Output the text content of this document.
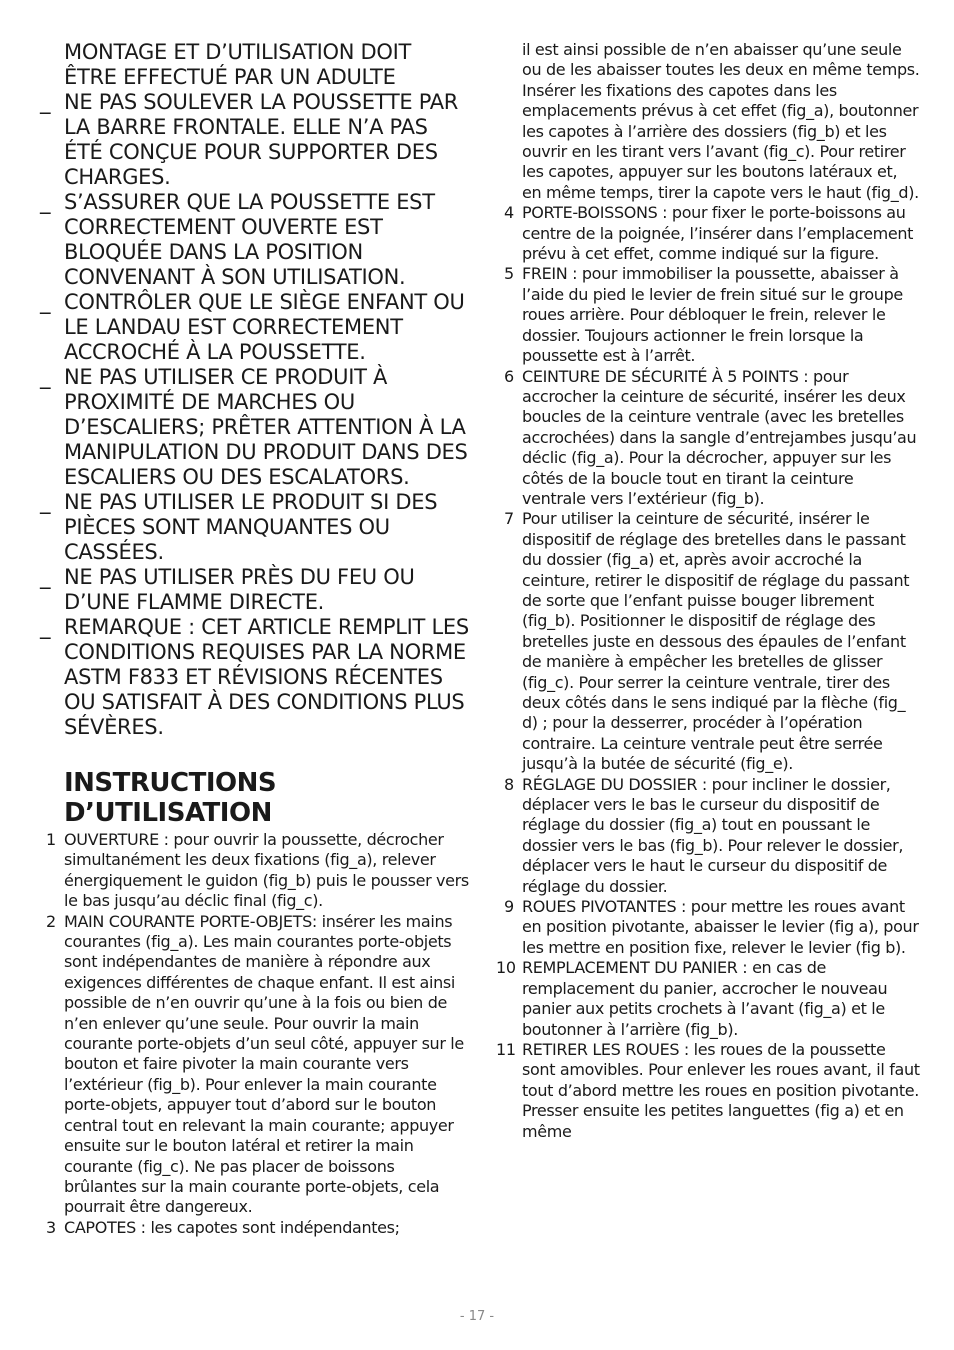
MONTAGE ET D’UTILISATION DOIT ÊTRE EFFECTUÉ PAR UN ADULTE
_ NE PAS SOULEVER LA POUSSETTE PAR LA BARRE FRONTALE. ELLE N’A PAS ÉTÉ CONÇUE POUR SUPPORTER DES CHARGES.
_ S’ASSURER QUE LA POUSSETTE EST CORRECTEMENT OUVERTE EST BLOQUÉE DANS LA POSITION CONVENANT À SON UTILISATION.
_ CONTRÔLER QUE LE SIÈGE ENFANT OU LE LANDAU EST CORRECTEMENT ACCROCHÉ À LA POUSSETTE.
_ NE PAS UTILISER CE PRODUIT À PROXIMITÉ DE MARCHES OU D’ESCALIERS; PRÊTER ATTENTION À LA MANIPULATION DU PRODUIT DANS DES ESCALIERS OU DES ESCALATORS.
_ NE PAS UTILISER LE PRODUIT SI DES PIÈCES SONT MANQUANTES OU CASSÉES.
_ NE PAS UTILISER PRÈS DU FEU OU D’UNE FLAMME DIRECTE.
_ REMARQUE : CET ARTICLE REMPLIT LES CONDITIONS REQUISES PAR LA NORME ASTM F833 ET RÉVISIONS RÉCENTES OU SATISFAIT À DES CONDITIONS PLUS SÉVÈRES.
INSTRUCTIONS D’UTILISATION
1 OUVERTURE : pour ouvrir la poussette, décrocher simultanément les deux fixations (fig_a), relever énergiquement le guidon (fig_b) puis le pousser vers le bas jusqu’au déclic final (fig_c).
2 MAIN COURANTE PORTE-OBJETS: insérer les mains courantes (fig_a). Les main courantes porte-objets sont indépendantes de manière à répondre aux exigences différentes de chaque enfant. Il est ainsi possible de n’en ouvrir qu’une à la fois ou bien de n’en enlever qu’une seule. Pour ouvrir la main courante porte-objets d’un seul côté, appuyer sur le bouton et faire pivoter la main courante vers l’extérieur (fig_b). Pour enlever la main courante porte-objets, appuyer tout d’abord sur le bouton central tout en relevant la main courante; appuyer ensuite sur le bouton latéral et retirer la main courante (fig_c). Ne pas placer de boissons brûlantes sur la main courante porte-objets, cela pourrait être dangereux.
3 CAPOTES : les capotes sont indépendantes;
il est ainsi possible de n’en abaisser qu’une seule ou de les abaisser toutes les deux en même temps. Insérer les fixations des capotes dans les emplacements prévus à cet effet (fig_a), boutonner les capotes à l’arrière des dossiers (fig_b) et les ouvrir en les tirant vers l’avant (fig_c). Pour retirer les capotes, appuyer sur les boutons latéraux et, en même temps, tirer la capote vers le haut (fig_d).
4 PORTE-BOISSONS : pour fixer le porte-boissons au centre de la poignée, l’insérer dans l’emplacement prévu à cet effet, comme indiqué sur la figure.
5 FREIN : pour immobiliser la poussette, abaisser à l’aide du pied le levier de frein situé sur le groupe roues arrière. Pour débloquer le frein, relever le dossier. Toujours actionner le frein lorsque la poussette est à l’arrêt.
6 CEINTURE DE SÉCURITÉ À 5 POINTS : pour accrocher la ceinture de sécurité, insérer les deux boucles de la ceinture ventrale (avec les bretelles accrochées) dans la sangle d’entrejambes jusqu’au déclic (fig_a). Pour la décrocher, appuyer sur les côtés de la boucle tout en tirant la ceinture ventrale vers l’extérieur (fig_b).
7 Pour utiliser la ceinture de sécurité, insérer le dispositif de réglage des bretelles dans le passant du dossier (fig_a) et, après avoir accroché la ceinture, retirer le dispositif de réglage du passant de sorte que l’enfant puisse bouger librement (fig_b). Positionner le dispositif de réglage des bretelles juste en dessous des épaules de l’enfant de manière à empêcher les bretelles de glisser (fig_c). Pour serrer la ceinture ventrale, tirer des deux côtés dans le sens indiqué par la flèche (fig_ d) ; pour la desserrer, procéder à l’opération contraire. La ceinture ventrale peut être serrée jusqu’à la butée de sécurité (fig_e).
8 RÉGLAGE DU DOSSIER : pour incliner le dossier, déplacer vers le bas le curseur du dispositif de réglage du dossier (fig_a) tout en poussant le dossier vers le bas (fig_b). Pour relever le dossier, déplacer vers le haut le curseur du dispositif de réglage du dossier.
9 ROUES PIVOTANTES : pour mettre les roues avant en position pivotante, abaisser le levier (fig a), pour les mettre en position fixe, relever le levier (fig b).
10 REMPLACEMENT DU PANIER : en cas de remplacement du panier, accrocher le nouveau panier aux petits crochets à l’avant (fig_a) et le boutonner à l’arrière (fig_b).
11 RETIRER LES ROUES : les roues de la poussette sont amovibles. Pour enlever les roues avant, il faut tout d’abord mettre les roues en position pivotante. Presser ensuite les petites languettes (fig a) et en même
- 17 -
